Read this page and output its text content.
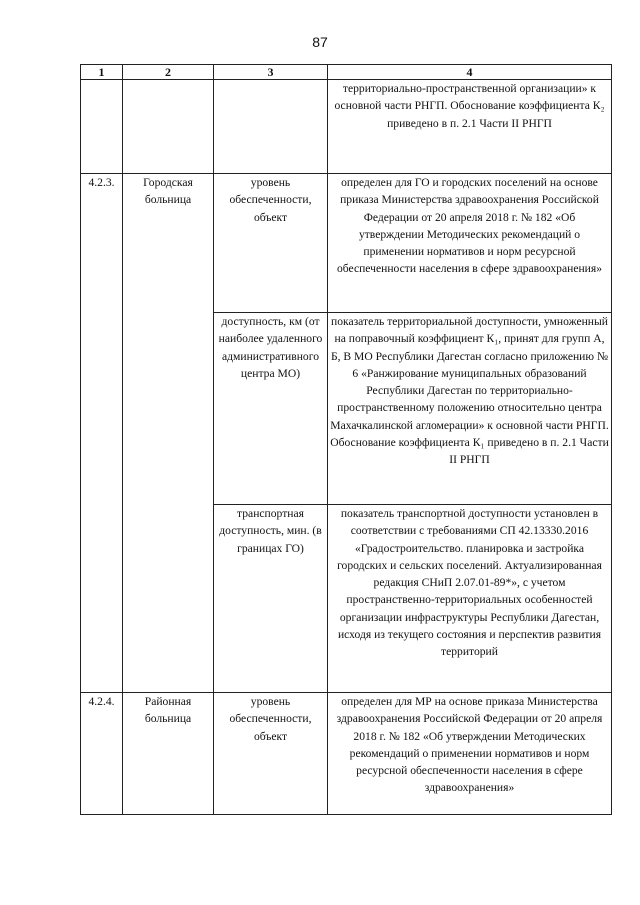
87
1	2	3	4

			территориально-пространственной организации» к основной части РНГП. Обоснование коэффициента К₂ приведено в п. 2.1 Части II РНГП

4.2.3.	Городская больница	уровень обеспеченности, объект	определен для ГО и городских поселений на основе приказа Министерства здравоохранения Российской Федерации от 20 апреля 2018 г. № 182 «Об утверждении Методических рекомендаций о применении нормативов и норм ресурсной обеспеченности населения в сфере здравоохранения»
		доступность, км (от наиболее удаленного административного центра МО)	показатель территориальной доступности, умноженный на поправочный коэффициент К₁, принят для групп А, Б, В МО Республики Дагестан согласно приложению № 6 «Ранжирование муниципальных образований Республики Дагестан по территориально-пространственному положению относительно центра Махачкалинской агломерации» к основной части РНГП. Обоснование коэффициента К₁ приведено в п. 2.1 Части II РНГП
		транспортная доступность, мин. (в границах ГО)	показатель транспортной доступности установлен в соответствии с требованиями СП 42.13330.2016 «Градостроительство. планировка и застройка городских и сельских поселений. Актуализированная редакция СНиП 2.07.01-89*», с учетом пространственно-территориальных особенностей организации инфраструктуры Республики Дагестан, исходя из текущего состояния и перспектив развития территорий
4.2.4.	Районная больница	уровень обеспеченности, объект	определен для МР на основе приказа Министерства здравоохранения Российской Федерации от 20 апреля 2018 г. № 182 «Об утверждении Методических рекомендаций о применении нормативов и норм ресурсной обеспеченности населения в сфере здравоохранения»
